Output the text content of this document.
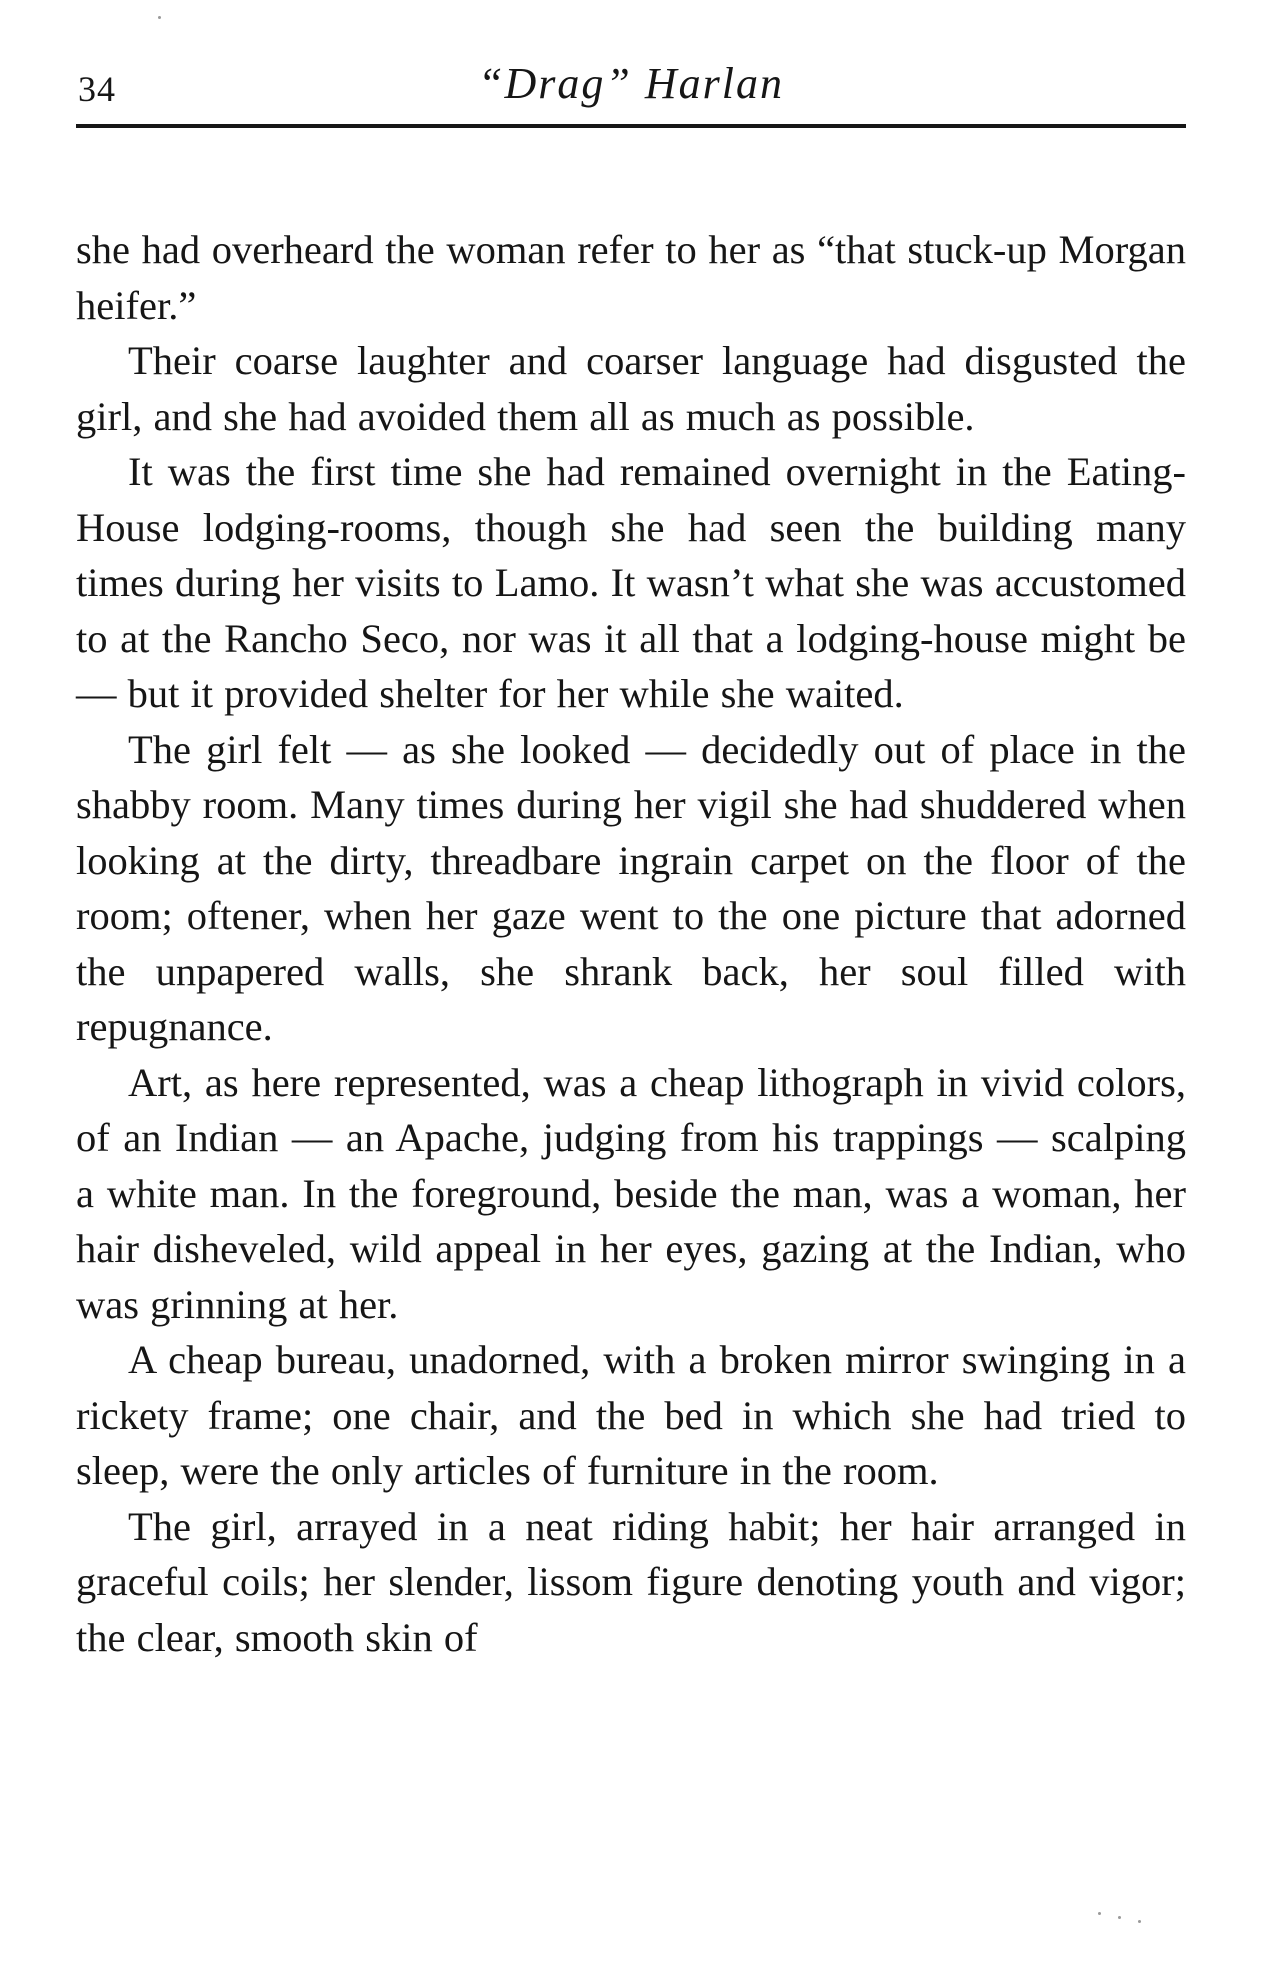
34	“Drag” Harlan

she had overheard the woman refer to her as “that stuck-up Morgan heifer.”

Their coarse laughter and coarser language had disgusted the girl, and she had avoided them all as much as possible.

It was the first time she had remained overnight in the Eating-House lodging-rooms, though she had seen the building many times during her visits to Lamo. It wasn’t what she was accustomed to at the Rancho Seco, nor was it all that a lodging-house might be — but it provided shelter for her while she waited.

The girl felt — as she looked — decidedly out of place in the shabby room. Many times during her vigil she had shuddered when looking at the dirty, threadbare ingrain carpet on the floor of the room; oftener, when her gaze went to the one picture that adorned the unpapered walls, she shrank back, her soul filled with repugnance.

Art, as here represented, was a cheap lithograph in vivid colors, of an Indian — an Apache, judging from his trappings — scalping a white man. In the foreground, beside the man, was a woman, her hair disheveled, wild appeal in her eyes, gazing at the Indian, who was grinning at her.

A cheap bureau, unadorned, with a broken mirror swinging in a rickety frame; one chair, and the bed in which she had tried to sleep, were the only articles of furniture in the room.

The girl, arrayed in a neat riding habit; her hair arranged in graceful coils; her slender, lissom figure denoting youth and vigor; the clear, smooth skin of
